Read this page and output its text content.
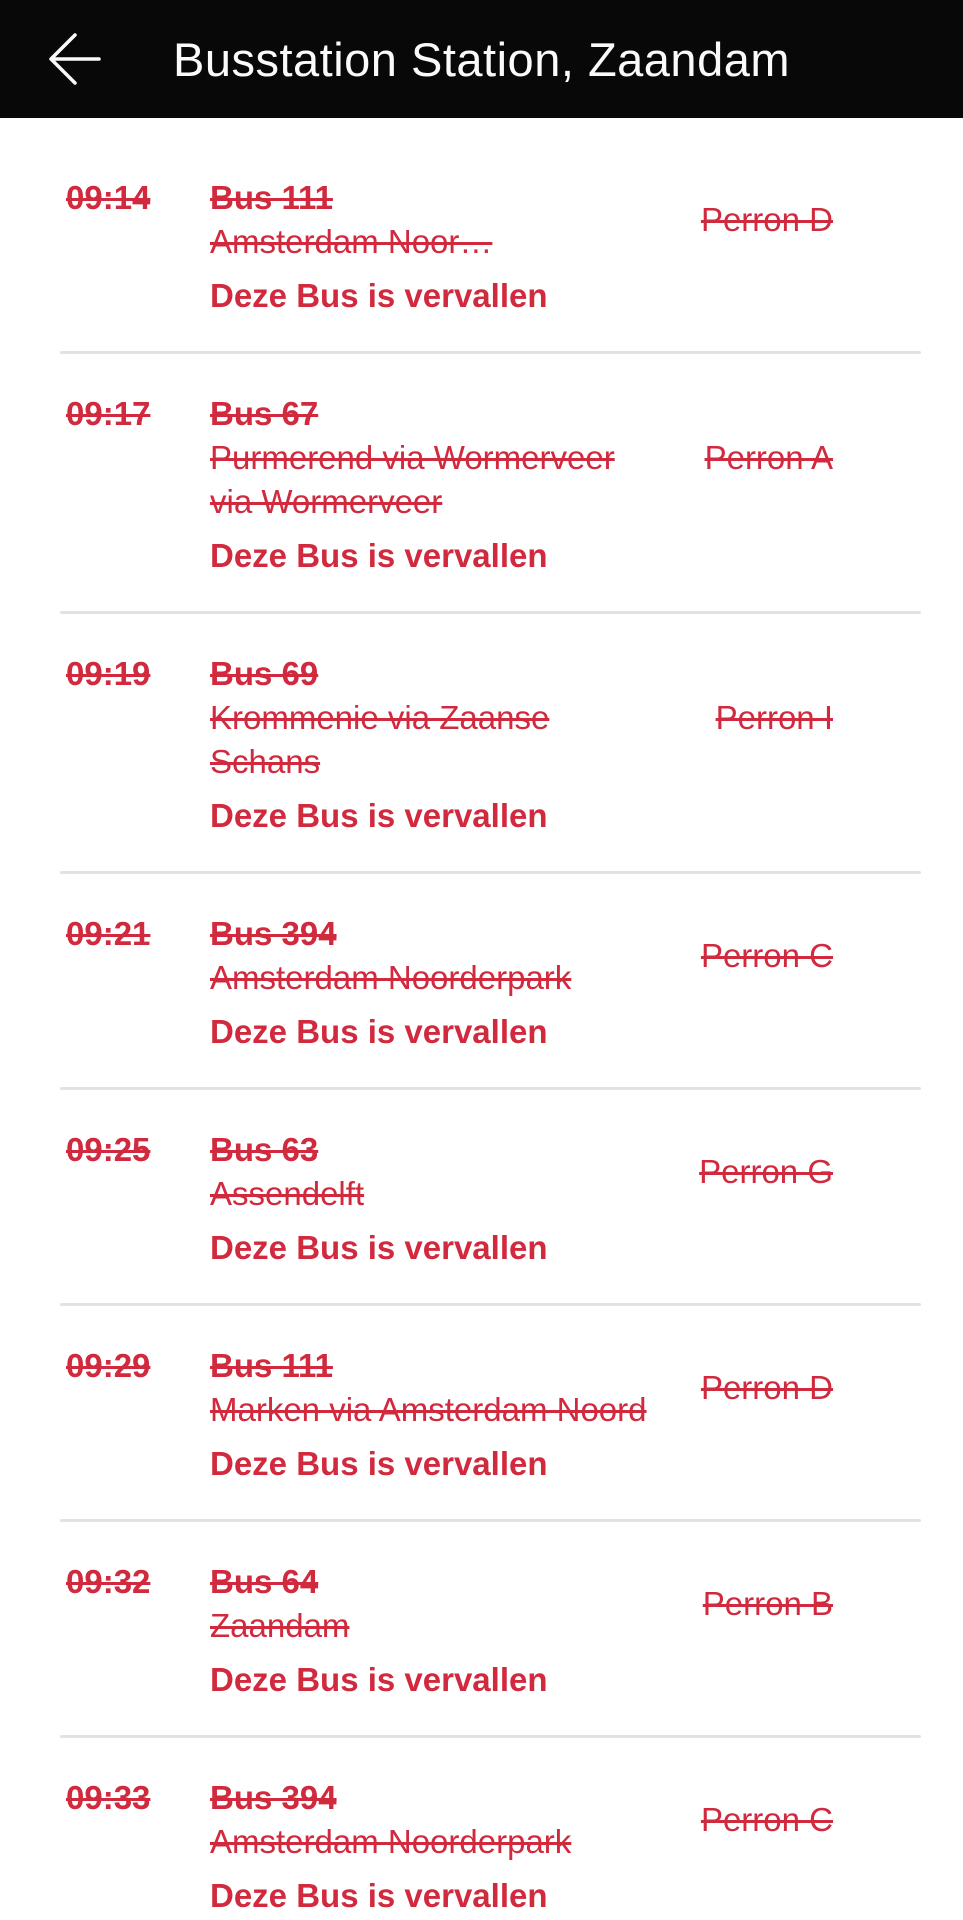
Busstation Station, Zaandam
09:14	Bus 111
Amsterdam Noor…
Perron D
Deze Bus is vervallen
09:17	Bus 67
Purmerend via Wormerveer via Wormerveer
Perron A
Deze Bus is vervallen
09:19	Bus 69
Krommenie via Zaanse Schans
Perron I
Deze Bus is vervallen
09:21	Bus 394
Amsterdam Noorderpark
Perron C
Deze Bus is vervallen
09:25	Bus 63
Assendelft
Perron G
Deze Bus is vervallen
09:29	Bus 111
Marken via Amsterdam Noord
Perron D
Deze Bus is vervallen
09:32	Bus 64
Zaandam
Perron B
Deze Bus is vervallen
09:33	Bus 394
Amsterdam Noorderpark
Perron C
Deze Bus is vervallen
